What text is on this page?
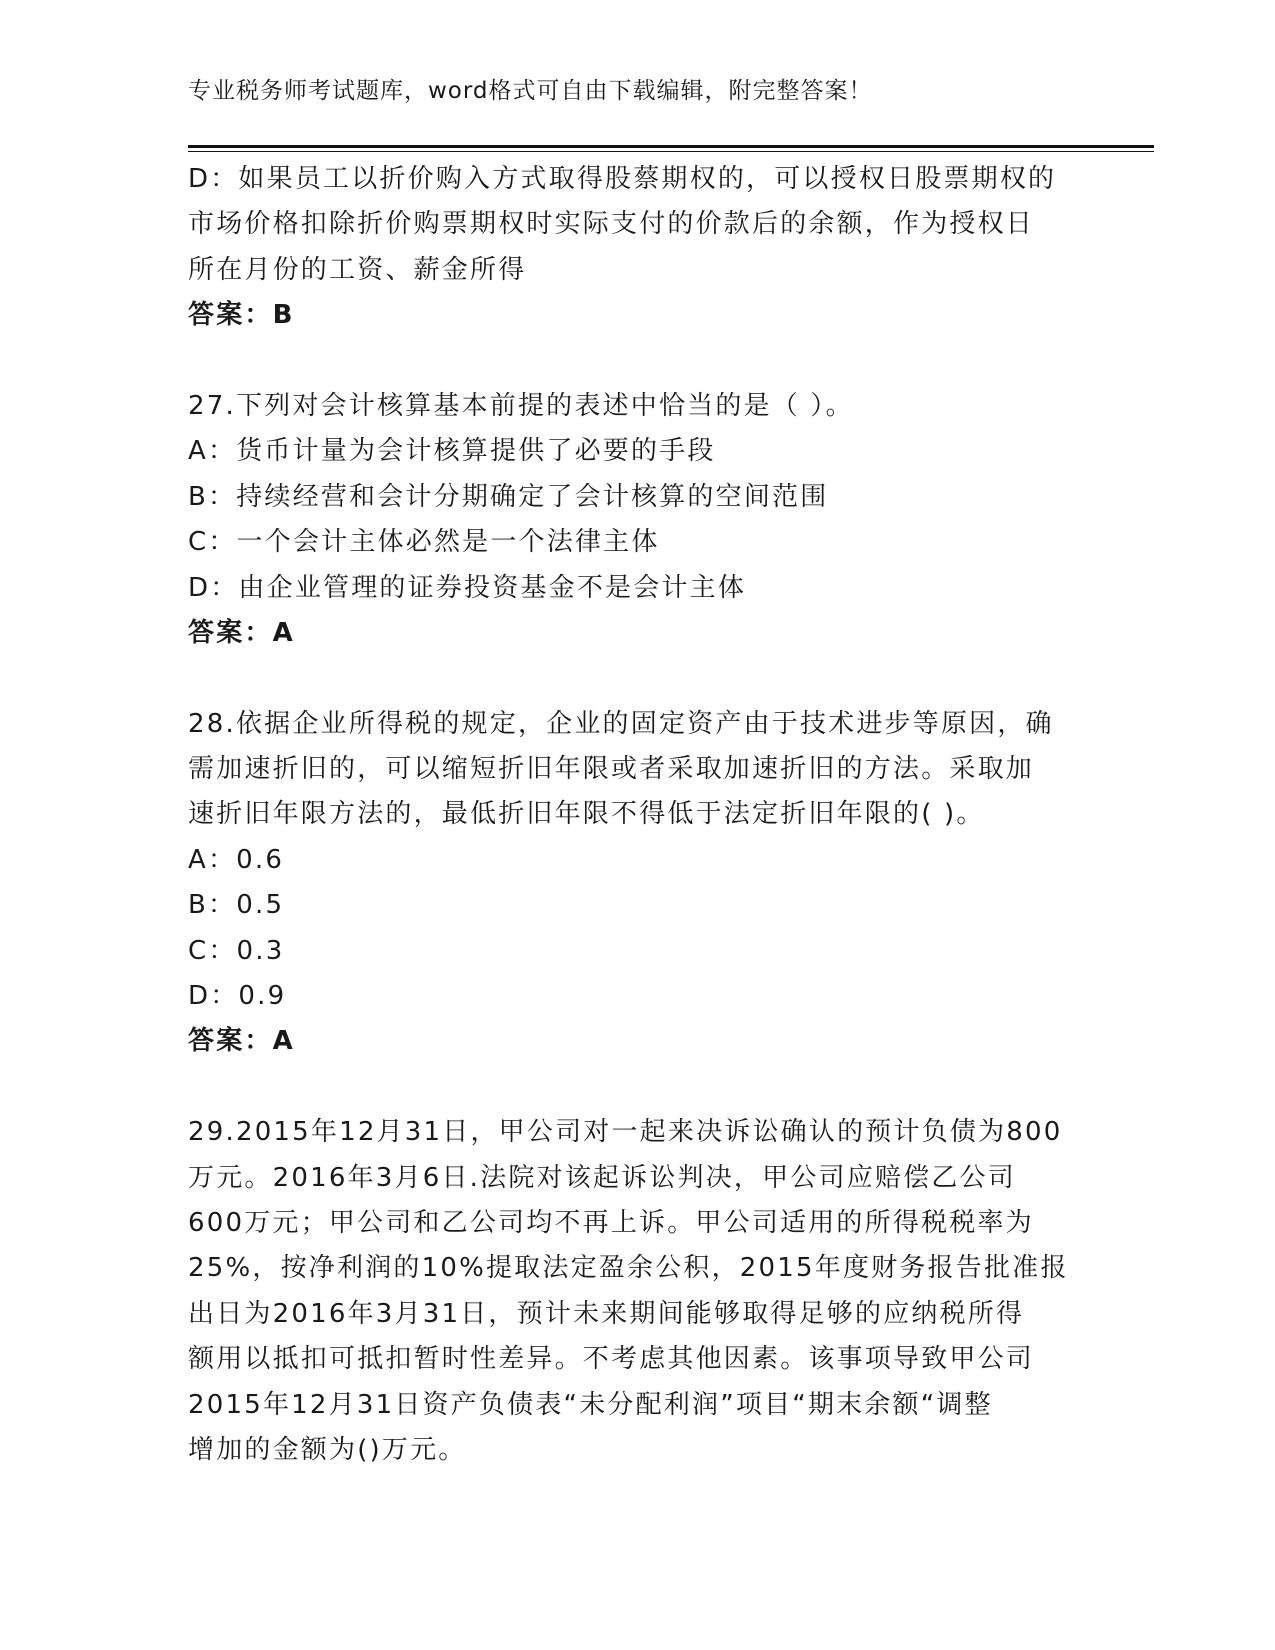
专业税务师考试题库，word格式可自由下载编辑，附完整答案！
D：如果员工以折价购入方式取得股蔡期权的，可以授权日股票期权的
市场价格扣除折价购票期权时实际支付的价款后的余额，作为授权日
所在月份的工资、薪金所得
答案：B
27.下列对会计核算基本前提的表述中恰当的是（ ）。
A：货币计量为会计核算提供了必要的手段
B：持续经营和会计分期确定了会计核算的空间范围
C：一个会计主体必然是一个法律主体
D：由企业管理的证券投资基金不是会计主体
答案：A
28.依据企业所得税的规定，企业的固定资产由于技术进步等原因，确
需加速折旧的，可以缩短折旧年限或者采取加速折旧的方法。采取加
速折旧年限方法的，最低折旧年限不得低于法定折旧年限的( )。
A：0.6
B：0.5
C：0.3
D：0.9
答案：A
29.2015年12月31日，甲公司对一起来决诉讼确认的预计负债为800
万元。2016年3月6日.法院对该起诉讼判决，甲公司应赔偿乙公司
600万元；甲公司和乙公司均不再上诉。甲公司适用的所得税税率为
25%，按净利润的10%提取法定盈余公积，2015年度财务报告批准报
出日为2016年3月31日，预计未来期间能够取得足够的应纳税所得
额用以抵扣可抵扣暂时性差异。不考虑其他因素。该事项导致甲公司
2015年12月31日资产负债表“未分配利润”项目“期末余额“调整
增加的金额为()万元。
